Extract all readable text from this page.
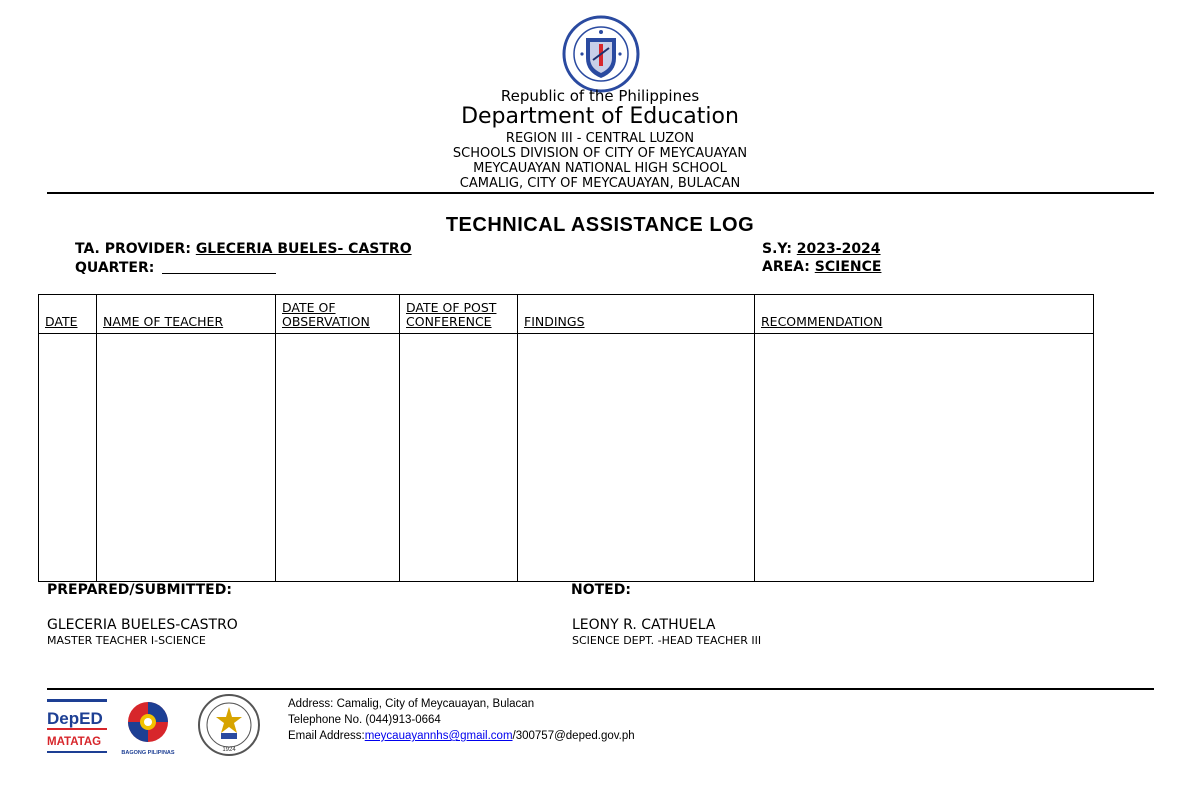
Republic of the Philippines
Department of Education
REGION III - CENTRAL LUZON
SCHOOLS DIVISION OF CITY OF MEYCAUAYAN
MEYCAUAYAN NATIONAL HIGH SCHOOL
CAMALIG, CITY OF MEYCAUAYAN, BULACAN
TECHNICAL ASSISTANCE LOG
TA. PROVIDER: GLECERIA BUELES- CASTRO
QUARTER:
S.Y: 2023-2024
AREA: SCIENCE
DATE	NAME OF TEACHER	DATE OF OBSERVATION	DATE OF POST CONFERENCE	FINDINGS	RECOMMENDATION

PREPARED/SUBMITTED:	NOTED:
GLECERIA BUELES-CASTRO
MASTER TEACHER I-SCIENCE
LEONY R. CATHUELA
SCIENCE DEPT. -HEAD TEACHER III
DepED
MATATAG
BAGONG PILIPINAS	1924
Address: Camalig, City of Meycauayan, Bulacan
Telephone No. (044)913-0664
Email Address:meycauayannhs@gmail.com/300757@deped.gov.ph
